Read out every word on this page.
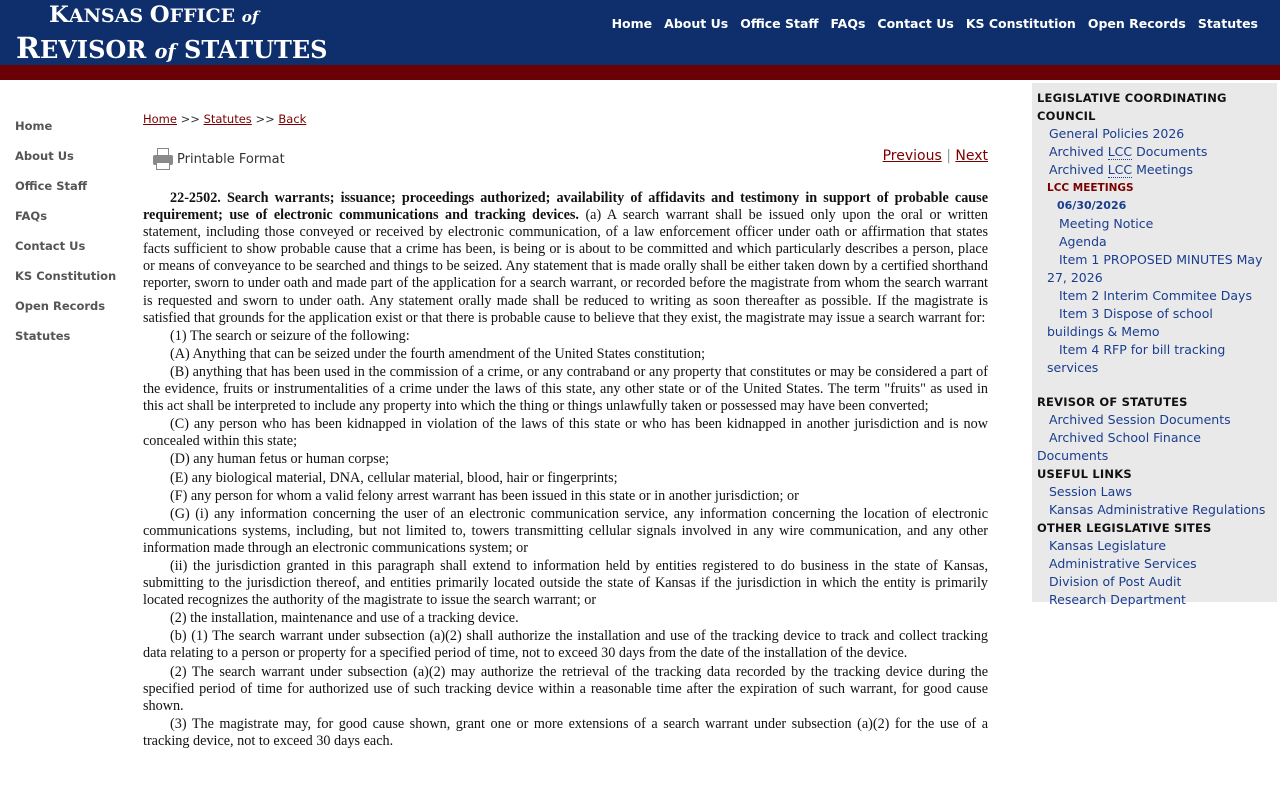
KANSAS OFFICE of
REVISOR of STATUTES
Home About Us Office Staff FAQs Contact Us KS Constitution Open Records Statutes
Home
About Us
Office Staff
FAQs
Contact Us
KS Constitution
Open Records
Statutes
Home >> Statutes >> Back
Printable Format	Previous | Next

22-2502. Search warrants; issuance; proceedings authorized; availability of affidavits and testimony in support of probable cause requirement; use of electronic communications and tracking devices. (a) A search warrant shall be issued only upon the oral or written statement, including those conveyed or received by electronic communication, of a law enforcement officer under oath or affirmation that states facts sufficient to show probable cause that a crime has been, is being or is about to be committed and which particularly describes a person, place or means of conveyance to be searched and things to be seized. Any statement that is made orally shall be either taken down by a certified shorthand reporter, sworn to under oath and made part of the application for a search warrant, or recorded before the magistrate from whom the search warrant is requested and sworn to under oath. Any statement orally made shall be reduced to writing as soon thereafter as possible. If the magistrate is satisfied that grounds for the application exist or that there is probable cause to believe that they exist, the magistrate may issue a search warrant for:

(1) The search or seizure of the following:

(A) Anything that can be seized under the fourth amendment of the United States constitution;

(B) anything that has been used in the commission of a crime, or any contraband or any property that constitutes or may be considered a part of the evidence, fruits or instrumentalities of a crime under the laws of this state, any other state or of the United States. The term "fruits" as used in this act shall be interpreted to include any property into which the thing or things unlawfully taken or possessed may have been converted;

(C) any person who has been kidnapped in violation of the laws of this state or who has been kidnapped in another jurisdiction and is now concealed within this state;

(D) any human fetus or human corpse;

(E) any biological material, DNA, cellular material, blood, hair or fingerprints;

(F) any person for whom a valid felony arrest warrant has been issued in this state or in another jurisdiction; or

(G) (i) any information concerning the user of an electronic communication service, any information concerning the location of electronic communications systems, including, but not limited to, towers transmitting cellular signals involved in any wire communication, and any other information made through an electronic communications system; or

(ii) the jurisdiction granted in this paragraph shall extend to information held by entities registered to do business in the state of Kansas, submitting to the jurisdiction thereof, and entities primarily located outside the state of Kansas if the jurisdiction in which the entity is primarily located recognizes the authority of the magistrate to issue the search warrant; or

(2) the installation, maintenance and use of a tracking device.

(b) (1) The search warrant under subsection (a)(2) shall authorize the installation and use of the tracking device to track and collect tracking data relating to a person or property for a specified period of time, not to exceed 30 days from the date of the installation of the device.

(2) The search warrant under subsection (a)(2) may authorize the retrieval of the tracking data recorded by the tracking device during the specified period of time for authorized use of such tracking device within a reasonable time after the expiration of such warrant, for good cause shown.

(3) The magistrate may, for good cause shown, grant one or more extensions of a search warrant under subsection (a)(2) for the use of a tracking device, not to exceed 30 days each.

LEGISLATIVE COORDINATING COUNCIL
General Policies 2026
Archived LCC Documents
Archived LCC Meetings
LCC MEETINGS
06/30/2026
Meeting Notice
Agenda
Item 1 PROPOSED MINUTES May 27, 2026
Item 2 Interim Commitee Days
Item 3 Dispose of school buildings & Memo
Item 4 RFP for bill tracking services
REVISOR OF STATUTES
Archived Session Documents
Archived School Finance Documents
USEFUL LINKS
Session Laws
Kansas Administrative Regulations
OTHER LEGISLATIVE SITES
Kansas Legislature
Administrative Services
Division of Post Audit
Research Department
